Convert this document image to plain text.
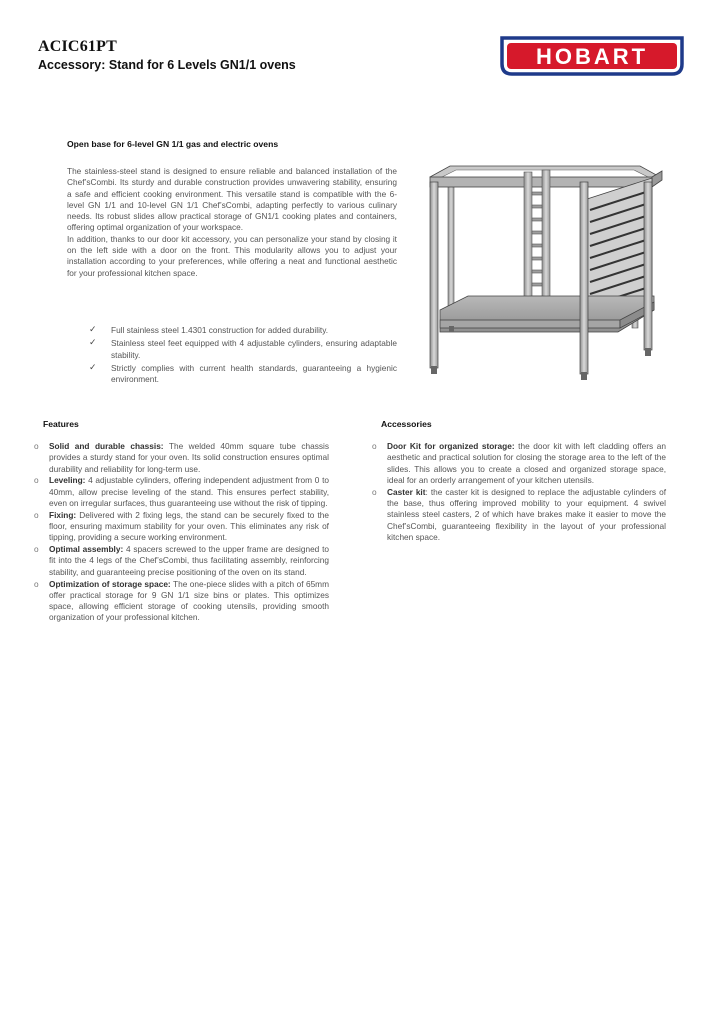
ACIC61PT
Accessory: Stand for 6 Levels GN1/1 ovens	HOBART
Open base for 6-level GN 1/1 gas and electric ovens

The stainless-steel stand is designed to ensure reliable and balanced installation of the Chef’sCombi. Its sturdy and durable construction provides unwavering stability, ensuring a safe and efficient cooking environment. This versatile stand is compatible with the 6-level GN 1/1 and 10-level GN 1/1 Chef’sCombi, adapting perfectly to various culinary needs. Its robust slides allow practical storage of GN1/1 cooking plates and containers, offering optimal organization of your workspace.

In addition, thanks to our door kit accessory, you can personalize your stand by closing it on the left side with a door on the front. This modularity allows you to adjust your installation according to your preferences, while offering a neat and functional aesthetic for your professional kitchen space.

✓ Full stainless steel 1.4301 construction for added durability.
✓ Stainless steel feet equipped with 4 adjustable cylinders, ensuring adaptable stability.
✓ Strictly complies with current health standards, guaranteeing a hygienic environment.
Features
o Solid and durable chassis: The welded 40mm square tube chassis provides a sturdy stand for your oven. Its solid construction ensures optimal durability and reliability for long-term use.
o Leveling: 4 adjustable cylinders, offering independent adjustment from 0 to 40mm, allow precise leveling of the stand. This ensures perfect stability, even on irregular surfaces, thus guaranteeing use without the risk of tipping.
o Fixing: Delivered with 2 fixing legs, the stand can be securely fixed to the floor, ensuring maximum stability for your oven. This eliminates any risk of tipping, providing a secure working environment.
o Optimal assembly: 4 spacers screwed to the upper frame are designed to fit into the 4 legs of the Chef’sCombi, thus facilitating assembly, reinforcing stability, and guaranteeing precise positioning of the oven on its stand.
o Optimization of storage space: The one-piece slides with a pitch of 65mm offer practical storage for 9 GN 1/1 size bins or plates. This optimizes space, allowing efficient storage of cooking utensils, providing smooth organization of your professional kitchen.
Accessories
o Door Kit for organized storage: the door kit with left cladding offers an aesthetic and practical solution for closing the storage area to the left of the slides. This allows you to create a closed and organized storage space, ideal for an orderly arrangement of your kitchen utensils.
o Caster kit: the caster kit is designed to replace the adjustable cylinders of the base, thus offering improved mobility to your equipment. 4 swivel stainless steel casters, 2 of which have brakes make it easier to move the Chef’sCombi, guaranteeing flexibility in the layout of your professional kitchen space.
